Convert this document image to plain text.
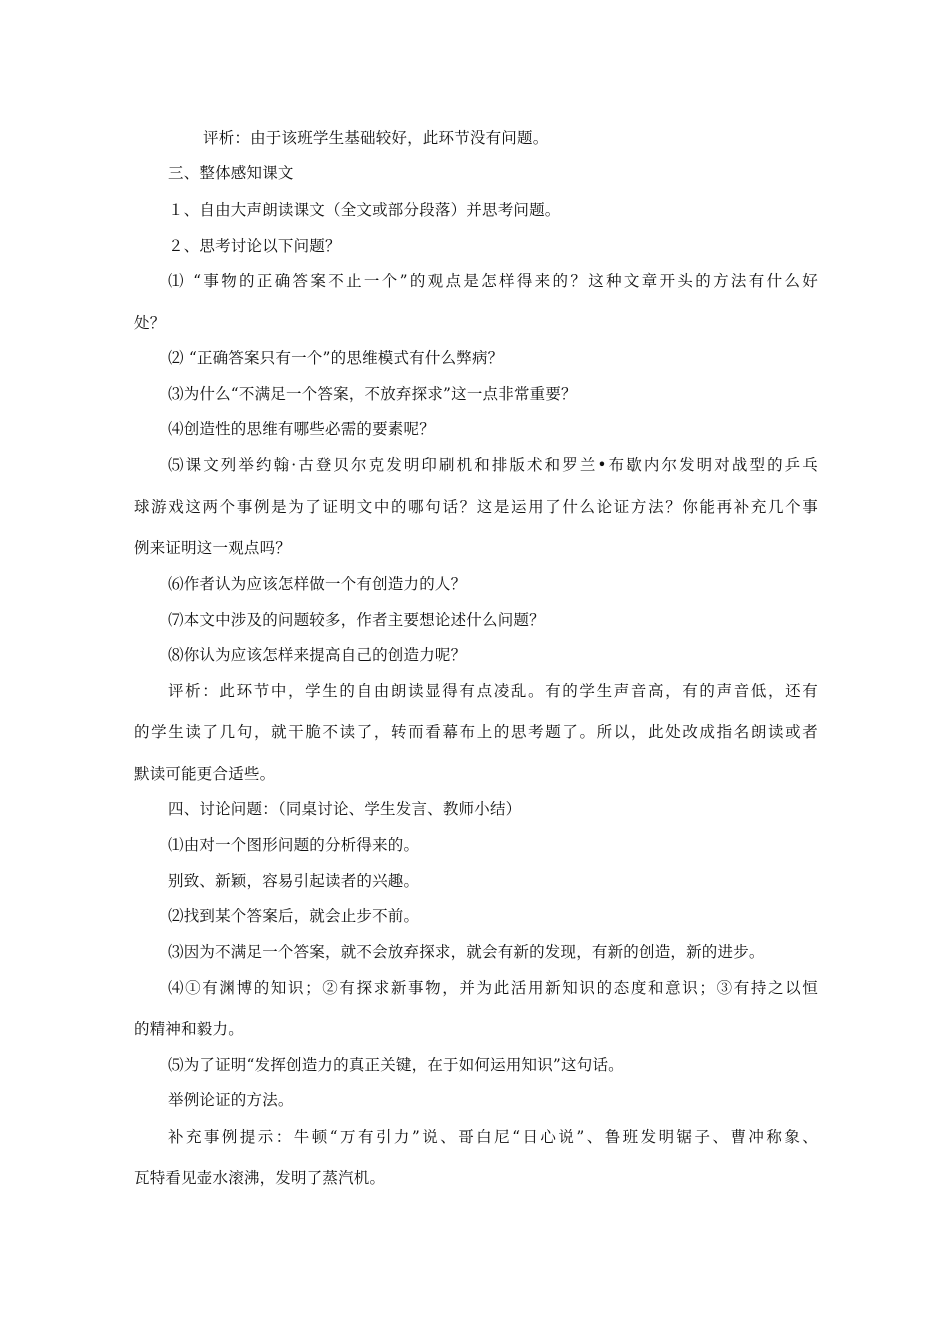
评析：由于该班学生基础较好，此环节没有问题。
三、整体感知课文
１、自由大声朗读课文（全文或部分段落）并思考问题。
２、思考讨论以下问题？
⑴ “事物的正确答案不止一个”的观点是怎样得来的？这种文章开头的方法有什么好
处？
⑵ “正确答案只有一个”的思维模式有什么弊病？
⑶为什么“不满足一个答案，不放弃探求”这一点非常重要？
⑷创造性的思维有哪些必需的要素呢？
⑸课文列举约翰·古登贝尔克发明印刷机和排版术和罗兰•布歇内尔发明对战型的乒乓
球游戏这两个事例是为了证明文中的哪句话？这是运用了什么论证方法？你能再补充几个事
例来证明这一观点吗？
⑹作者认为应该怎样做一个有创造力的人？
⑺本文中涉及的问题较多，作者主要想论述什么问题？
⑻你认为应该怎样来提高自己的创造力呢？
评析：此环节中，学生的自由朗读显得有点凌乱。有的学生声音高，有的声音低，还有
的学生读了几句，就干脆不读了，转而看幕布上的思考题了。所以，此处改成指名朗读或者
默读可能更合适些。
四、讨论问题：（同桌讨论、学生发言、教师小结）
⑴由对一个图形问题的分析得来的。
别致、新颖，容易引起读者的兴趣。
⑵找到某个答案后，就会止步不前。
⑶因为不满足一个答案，就不会放弃探求，就会有新的发现，有新的创造，新的进步。
⑷①有渊博的知识；②有探求新事物，并为此活用新知识的态度和意识；③有持之以恒
的精神和毅力。
⑸为了证明“发挥创造力的真正关键，在于如何运用知识”这句话。
举例论证的方法。
补充事例提示：牛顿“万有引力”说、哥白尼“日心说”、鲁班发明锯子、曹冲称象、
瓦特看见壶水滚沸，发明了蒸汽机。
